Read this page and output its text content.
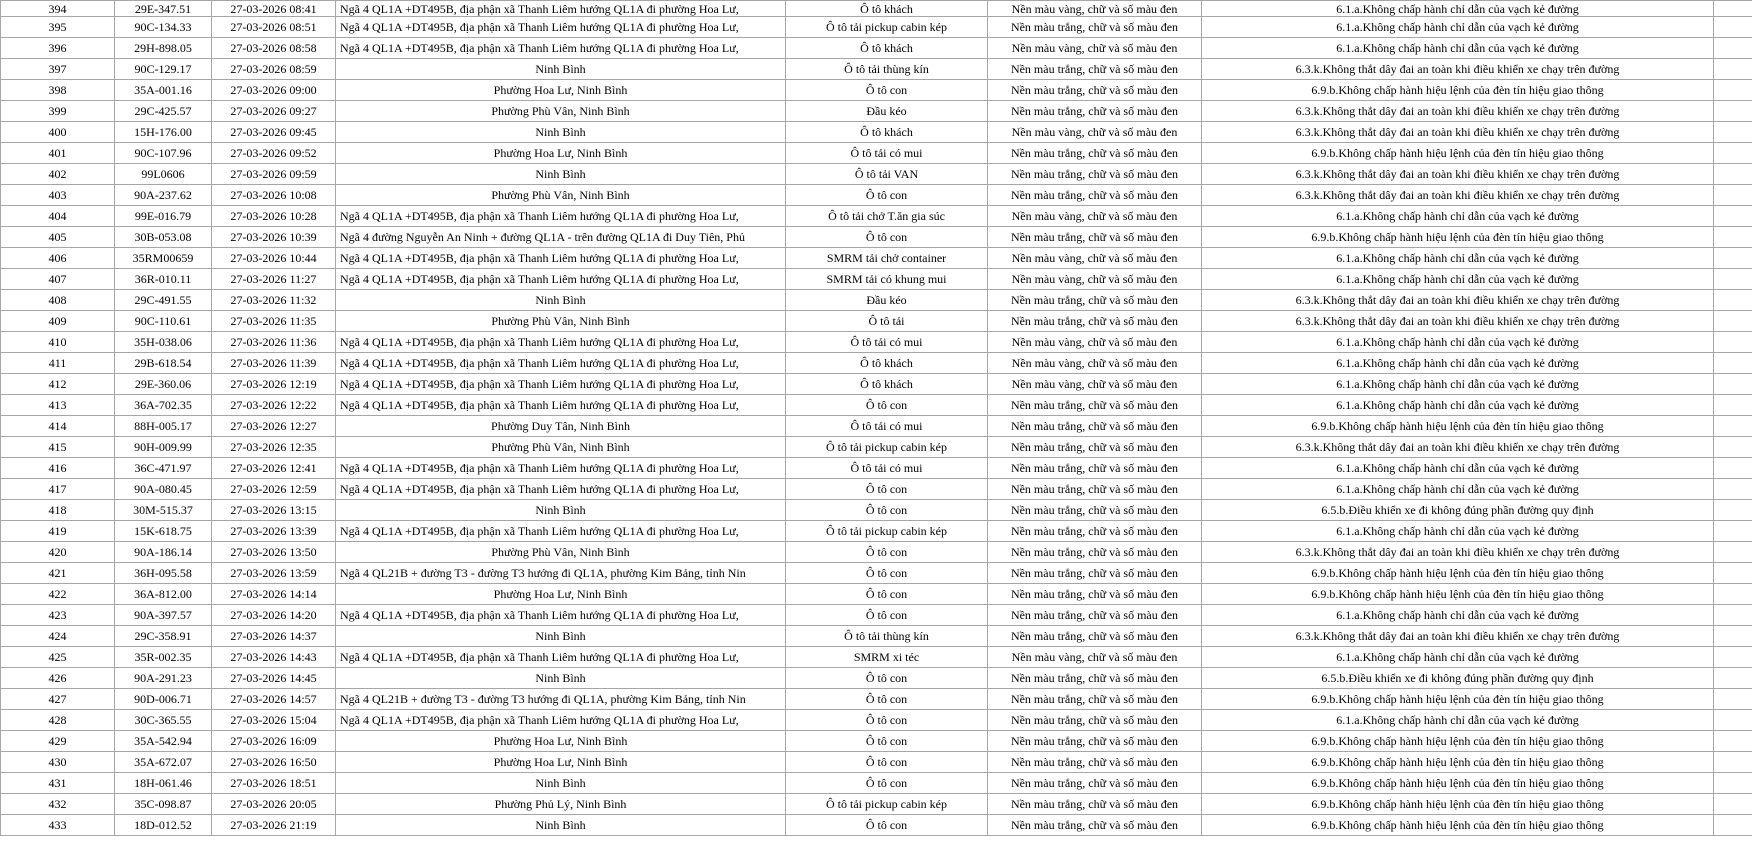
394	29E-347.51	27-03-2026 08:41	Ngã 4 QL1A +DT495B, địa phận xã Thanh Liêm hướng QL1A đi phường Hoa Lư,	Ô tô khách	Nền màu vàng, chữ và số màu đen	6.1.a.Không chấp hành chỉ dẫn của vạch kẻ đường	
395	90C-134.33	27-03-2026 08:51	Ngã 4 QL1A +DT495B, địa phận xã Thanh Liêm hướng QL1A đi phường Hoa Lư,	Ô tô tải pickup cabin kép	Nền màu trắng, chữ và số màu đen	6.1.a.Không chấp hành chỉ dẫn của vạch kẻ đường	
396	29H-898.05	27-03-2026 08:58	Ngã 4 QL1A +DT495B, địa phận xã Thanh Liêm hướng QL1A đi phường Hoa Lư,	Ô tô khách	Nền màu vàng, chữ và số màu đen	6.1.a.Không chấp hành chỉ dẫn của vạch kẻ đường	
397	90C-129.17	27-03-2026 08:59	Ninh Bình	Ô tô tải thùng kín	Nền màu trắng, chữ và số màu đen	6.3.k.Không thắt dây đai an toàn khi điều khiển xe chạy trên đường	
398	35A-001.16	27-03-2026 09:00	Phường Hoa Lư, Ninh Bình	Ô tô con	Nền màu trắng, chữ và số màu đen	6.9.b.Không chấp hành hiệu lệnh của đèn tín hiệu giao thông	
399	29C-425.57	27-03-2026 09:27	Phường Phù Vân, Ninh Bình	Đầu kéo	Nền màu trắng, chữ và số màu đen	6.3.k.Không thắt dây đai an toàn khi điều khiển xe chạy trên đường	
400	15H-176.00	27-03-2026 09:45	Ninh Bình	Ô tô khách	Nền màu vàng, chữ và số màu đen	6.3.k.Không thắt dây đai an toàn khi điều khiển xe chạy trên đường	
401	90C-107.96	27-03-2026 09:52	Phường Hoa Lư, Ninh Bình	Ô tô tải có mui	Nền màu trắng, chữ và số màu đen	6.9.b.Không chấp hành hiệu lệnh của đèn tín hiệu giao thông	
402	99L0606	27-03-2026 09:59	Ninh Bình	Ô tô tải VAN	Nền màu trắng, chữ và số màu đen	6.3.k.Không thắt dây đai an toàn khi điều khiển xe chạy trên đường	
403	90A-237.62	27-03-2026 10:08	Phường Phù Vân, Ninh Bình	Ô tô con	Nền màu trắng, chữ và số màu đen	6.3.k.Không thắt dây đai an toàn khi điều khiển xe chạy trên đường	
404	99E-016.79	27-03-2026 10:28	Ngã 4 QL1A +DT495B, địa phận xã Thanh Liêm hướng QL1A đi phường Hoa Lư,	Ô tô tải chở T.ăn gia súc	Nền màu vàng, chữ và số màu đen	6.1.a.Không chấp hành chỉ dẫn của vạch kẻ đường	
405	30B-053.08	27-03-2026 10:39	Ngã 4 đường Nguyễn An Ninh + đường QL1A - trên đường QL1A đi Duy Tiên, Phủ	Ô tô con	Nền màu trắng, chữ và số màu đen	6.9.b.Không chấp hành hiệu lệnh của đèn tín hiệu giao thông	
406	35RM00659	27-03-2026 10:44	Ngã 4 QL1A +DT495B, địa phận xã Thanh Liêm hướng QL1A đi phường Hoa Lư,	SMRM tải chở container	Nền màu vàng, chữ và số màu đen	6.1.a.Không chấp hành chỉ dẫn của vạch kẻ đường	
407	36R-010.11	27-03-2026 11:27	Ngã 4 QL1A +DT495B, địa phận xã Thanh Liêm hướng QL1A đi phường Hoa Lư,	SMRM tải có khung mui	Nền màu vàng, chữ và số màu đen	6.1.a.Không chấp hành chỉ dẫn của vạch kẻ đường	
408	29C-491.55	27-03-2026 11:32	Ninh Bình	Đầu kéo	Nền màu trắng, chữ và số màu đen	6.3.k.Không thắt dây đai an toàn khi điều khiển xe chạy trên đường	
409	90C-110.61	27-03-2026 11:35	Phường Phù Vân, Ninh Bình	Ô tô tải	Nền màu trắng, chữ và số màu đen	6.3.k.Không thắt dây đai an toàn khi điều khiển xe chạy trên đường	
410	35H-038.06	27-03-2026 11:36	Ngã 4 QL1A +DT495B, địa phận xã Thanh Liêm hướng QL1A đi phường Hoa Lư,	Ô tô tải có mui	Nền màu vàng, chữ và số màu đen	6.1.a.Không chấp hành chỉ dẫn của vạch kẻ đường	
411	29B-618.54	27-03-2026 11:39	Ngã 4 QL1A +DT495B, địa phận xã Thanh Liêm hướng QL1A đi phường Hoa Lư,	Ô tô khách	Nền màu vàng, chữ và số màu đen	6.1.a.Không chấp hành chỉ dẫn của vạch kẻ đường	
412	29E-360.06	27-03-2026 12:19	Ngã 4 QL1A +DT495B, địa phận xã Thanh Liêm hướng QL1A đi phường Hoa Lư,	Ô tô khách	Nền màu vàng, chữ và số màu đen	6.1.a.Không chấp hành chỉ dẫn của vạch kẻ đường	
413	36A-702.35	27-03-2026 12:22	Ngã 4 QL1A +DT495B, địa phận xã Thanh Liêm hướng QL1A đi phường Hoa Lư,	Ô tô con	Nền màu trắng, chữ và số màu đen	6.1.a.Không chấp hành chỉ dẫn của vạch kẻ đường	
414	88H-005.17	27-03-2026 12:27	Phường Duy Tân, Ninh Bình	Ô tô tải có mui	Nền màu trắng, chữ và số màu đen	6.9.b.Không chấp hành hiệu lệnh của đèn tín hiệu giao thông	
415	90H-009.99	27-03-2026 12:35	Phường Phù Vân, Ninh Bình	Ô tô tải pickup cabin kép	Nền màu trắng, chữ và số màu đen	6.3.k.Không thắt dây đai an toàn khi điều khiển xe chạy trên đường	
416	36C-471.97	27-03-2026 12:41	Ngã 4 QL1A +DT495B, địa phận xã Thanh Liêm hướng QL1A đi phường Hoa Lư,	Ô tô tải có mui	Nền màu trắng, chữ và số màu đen	6.1.a.Không chấp hành chỉ dẫn của vạch kẻ đường	
417	90A-080.45	27-03-2026 12:59	Ngã 4 QL1A +DT495B, địa phận xã Thanh Liêm hướng QL1A đi phường Hoa Lư,	Ô tô con	Nền màu trắng, chữ và số màu đen	6.1.a.Không chấp hành chỉ dẫn của vạch kẻ đường	
418	30M-515.37	27-03-2026 13:15	Ninh Bình	Ô tô con	Nền màu trắng, chữ và số màu đen	6.5.b.Điều khiển xe đi không đúng phần đường quy định	
419	15K-618.75	27-03-2026 13:39	Ngã 4 QL1A +DT495B, địa phận xã Thanh Liêm hướng QL1A đi phường Hoa Lư,	Ô tô tải pickup cabin kép	Nền màu trắng, chữ và số màu đen	6.1.a.Không chấp hành chỉ dẫn của vạch kẻ đường	
420	90A-186.14	27-03-2026 13:50	Phường Phù Vân, Ninh Bình	Ô tô con	Nền màu trắng, chữ và số màu đen	6.3.k.Không thắt dây đai an toàn khi điều khiển xe chạy trên đường	
421	36H-095.58	27-03-2026 13:59	Ngã 4 QL21B + đường T3 - đường T3 hướng đi QL1A, phường Kim Bảng, tỉnh Nin	Ô tô con	Nền màu trắng, chữ và số màu đen	6.9.b.Không chấp hành hiệu lệnh của đèn tín hiệu giao thông	
422	36A-812.00	27-03-2026 14:14	Phường Hoa Lư, Ninh Bình	Ô tô con	Nền màu trắng, chữ và số màu đen	6.9.b.Không chấp hành hiệu lệnh của đèn tín hiệu giao thông	
423	90A-397.57	27-03-2026 14:20	Ngã 4 QL1A +DT495B, địa phận xã Thanh Liêm hướng QL1A đi phường Hoa Lư,	Ô tô con	Nền màu trắng, chữ và số màu đen	6.1.a.Không chấp hành chỉ dẫn của vạch kẻ đường	
424	29C-358.91	27-03-2026 14:37	Ninh Bình	Ô tô tải thùng kín	Nền màu trắng, chữ và số màu đen	6.3.k.Không thắt dây đai an toàn khi điều khiển xe chạy trên đường	
425	35R-002.35	27-03-2026 14:43	Ngã 4 QL1A +DT495B, địa phận xã Thanh Liêm hướng QL1A đi phường Hoa Lư,	SMRM xi téc	Nền màu vàng, chữ và số màu đen	6.1.a.Không chấp hành chỉ dẫn của vạch kẻ đường	
426	90A-291.23	27-03-2026 14:45	Ninh Bình	Ô tô con	Nền màu trắng, chữ và số màu đen	6.5.b.Điều khiển xe đi không đúng phần đường quy định	
427	90D-006.71	27-03-2026 14:57	Ngã 4 QL21B + đường T3 - đường T3 hướng đi QL1A, phường Kim Bảng, tỉnh Nin	Ô tô con	Nền màu trắng, chữ và số màu đen	6.9.b.Không chấp hành hiệu lệnh của đèn tín hiệu giao thông	
428	30C-365.55	27-03-2026 15:04	Ngã 4 QL1A +DT495B, địa phận xã Thanh Liêm hướng QL1A đi phường Hoa Lư,	Ô tô con	Nền màu trắng, chữ và số màu đen	6.1.a.Không chấp hành chỉ dẫn của vạch kẻ đường	
429	35A-542.94	27-03-2026 16:09	Phường Hoa Lư, Ninh Bình	Ô tô con	Nền màu trắng, chữ và số màu đen	6.9.b.Không chấp hành hiệu lệnh của đèn tín hiệu giao thông	
430	35A-672.07	27-03-2026 16:50	Phường Hoa Lư, Ninh Bình	Ô tô con	Nền màu trắng, chữ và số màu đen	6.9.b.Không chấp hành hiệu lệnh của đèn tín hiệu giao thông	
431	18H-061.46	27-03-2026 18:51	Ninh Bình	Ô tô con	Nền màu trắng, chữ và số màu đen	6.9.b.Không chấp hành hiệu lệnh của đèn tín hiệu giao thông	
432	35C-098.87	27-03-2026 20:05	Phường Phủ Lý, Ninh Bình	Ô tô tải pickup cabin kép	Nền màu trắng, chữ và số màu đen	6.9.b.Không chấp hành hiệu lệnh của đèn tín hiệu giao thông	
433	18D-012.52	27-03-2026 21:19	Ninh Bình	Ô tô con	Nền màu trắng, chữ và số màu đen	6.9.b.Không chấp hành hiệu lệnh của đèn tín hiệu giao thông	
